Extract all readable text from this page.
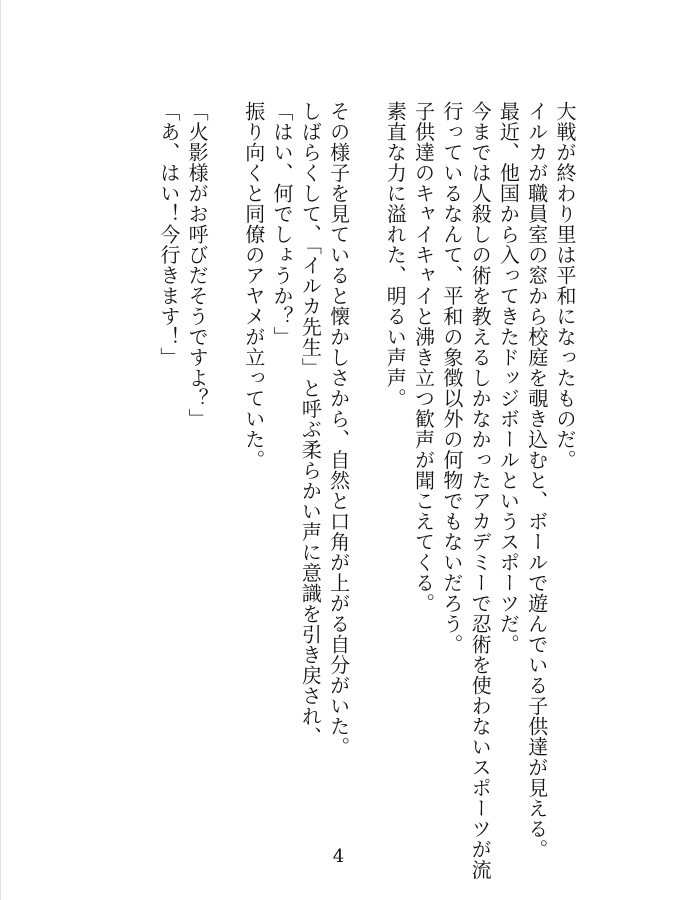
大戦が終わり里は平和になったものだ。
イルカが職員室の窓から校庭を覗き込むと、ボールで遊んでいる子供達が見える。
最近、他国から入ってきたドッジボールというスポーツだ。
今までは人殺しの術を教えるしかなかったアカデミーで忍術を使わないスポーツが流
行っているなんて、平和の象徴以外の何物でもないだろう。
子供達のキャイキャイと沸き立つ歓声が聞こえてくる。
素直な力に溢れた、明るい声声。
その様子を見ていると懐かしさから、自然と口角が上がる自分がいた。
しばらくして、「イルカ先生」と呼ぶ柔らかい声に意識を引き戻され、
「はい、何でしょうか？」
振り向くと同僚のアヤメが立っていた。
「火影様がお呼びだそうですよ？」
「あ、はい！今行きます！」
4
